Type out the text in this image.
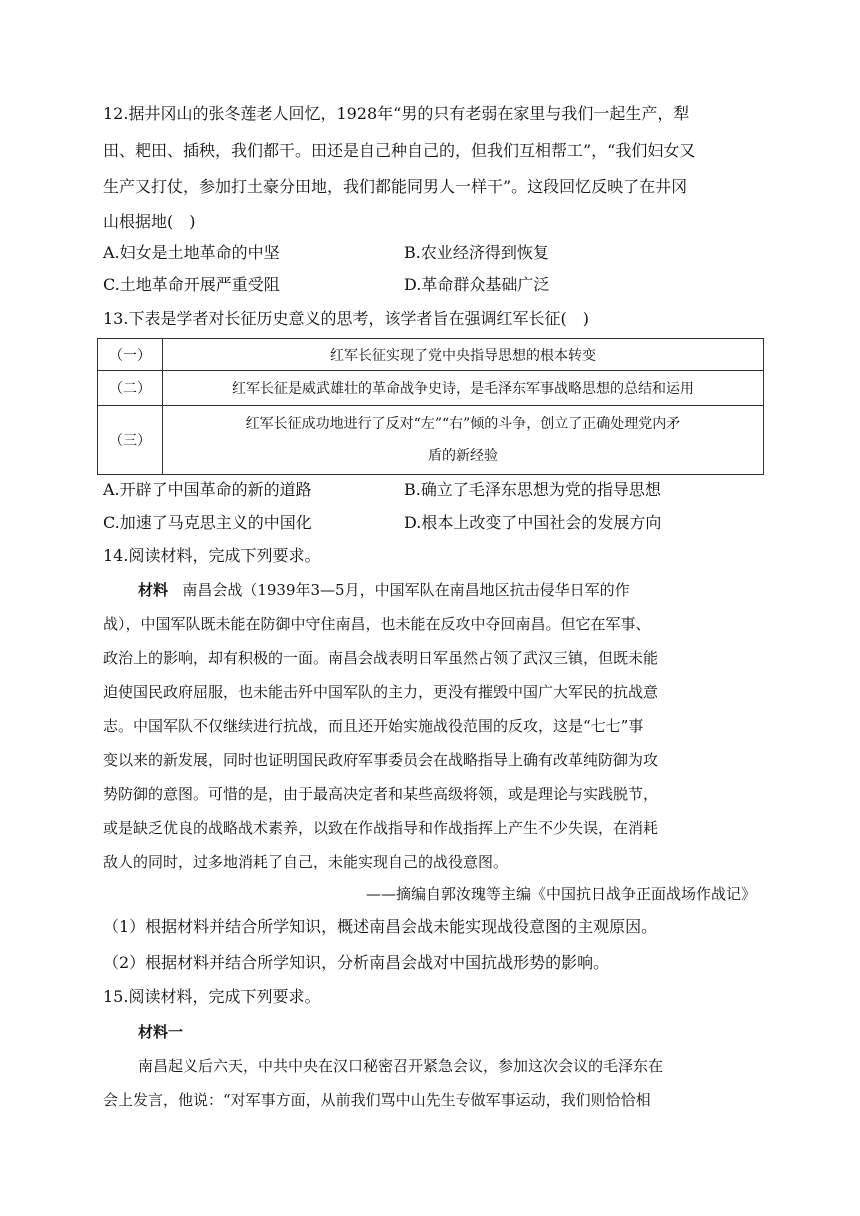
12.据井冈山的张冬莲老人回忆，1928年“男的只有老弱在家里与我们一起生产，犁
田、耙田、插秧，我们都干。田还是自己种自己的，但我们互相帮工”，“我们妇女又
生产又打仗，参加打土豪分田地，我们都能同男人一样干”。这段回忆反映了在井冈
山根据地(　)
A.妇女是土地革命的中坚	B.农业经济得到恢复
C.土地革命开展严重受阻	D.革命群众基础广泛
13.下表是学者对长征历史意义的思考，该学者旨在强调红军长征(　)
（一）	红军长征实现了党中央指导思想的根本转变
（二）	红军长征是威武雄壮的革命战争史诗，是毛泽东军事战略思想的总结和运用
（三）	红军长征成功地进行了反对“左”“右”倾的斗争，创立了正确处理党内矛
盾的新经验
A.开辟了中国革命的新的道路	B.确立了毛泽东思想为党的指导思想
C.加速了马克思主义的中国化	D.根本上改变了中国社会的发展方向
14.阅读材料，完成下列要求。
材料 南昌会战（1939年3—5月，中国军队在南昌地区抗击侵华日军的作
战），中国军队既未能在防御中守住南昌，也未能在反攻中夺回南昌。但它在军事、
政治上的影响，却有积极的一面。南昌会战表明日军虽然占领了武汉三镇，但既未能
迫使国民政府屈服，也未能击歼中国军队的主力，更没有摧毁中国广大军民的抗战意
志。中国军队不仅继续进行抗战，而且还开始实施战役范围的反攻，这是“七七”事
变以来的新发展，同时也证明国民政府军事委员会在战略指导上确有改革纯防御为攻
势防御的意图。可惜的是，由于最高决定者和某些高级将领，或是理论与实践脱节，
或是缺乏优良的战略战术素养，以致在作战指导和作战指挥上产生不少失误，在消耗
敌人的同时，过多地消耗了自己，未能实现自己的战役意图。
——摘编自郭汝瑰等主编《中国抗日战争正面战场作战记》
（1）根据材料并结合所学知识，概述南昌会战未能实现战役意图的主观原因。
（2）根据材料并结合所学知识，分析南昌会战对中国抗战形势的影响。
15.阅读材料，完成下列要求。
材料一
南昌起义后六天，中共中央在汉口秘密召开紧急会议，参加这次会议的毛泽东在
会上发言，他说：“对军事方面，从前我们骂中山先生专做军事运动，我们则恰恰相
